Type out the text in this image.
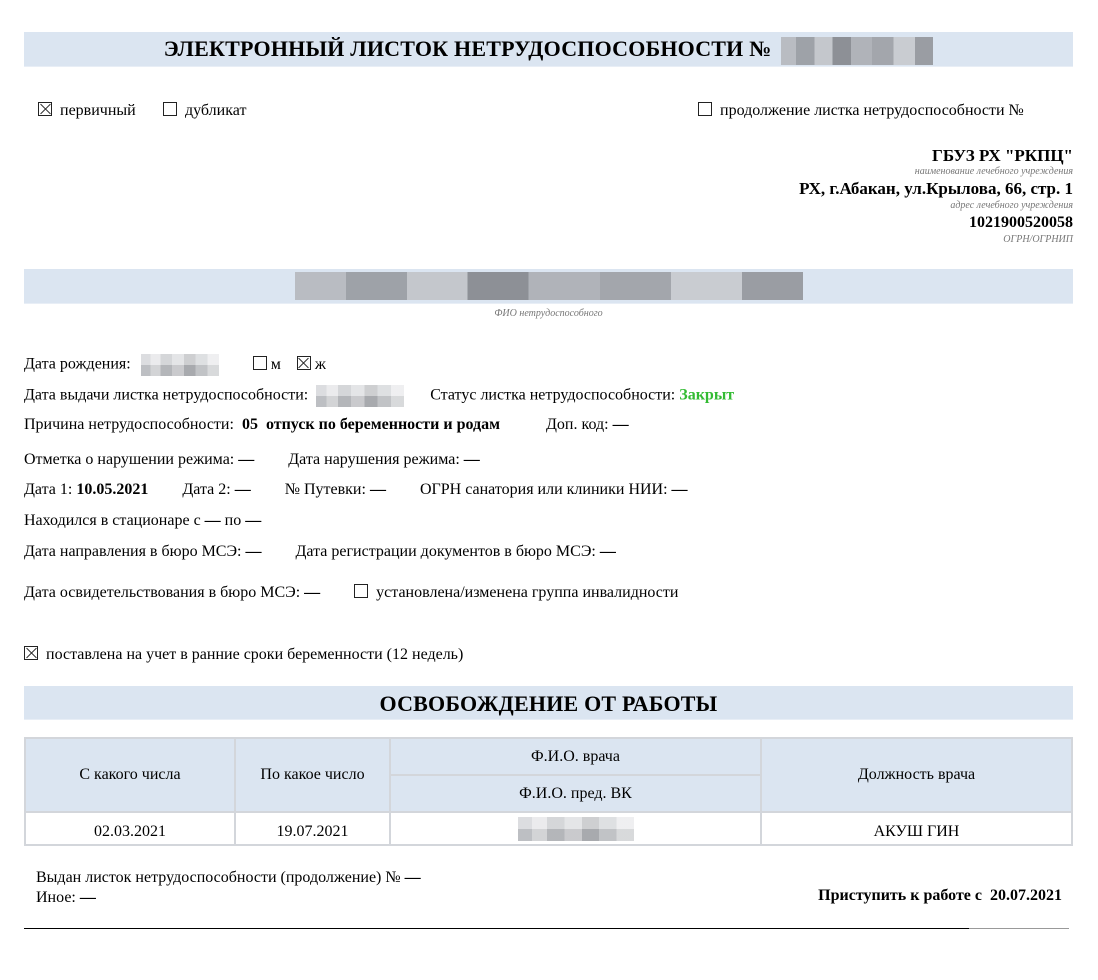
ЭЛЕКТРОННЫЙ ЛИСТОК НЕТРУДОСПОСОБНОСТИ №
первичный	дубликат	продолжение листка нетрудоспособности №
ГБУЗ РХ "РКПЦ"
наименование лечебного учреждения
РХ, г.Абакан, ул.Крылова, 66, стр. 1
адрес лечебного учреждения
1021900520058
ОГРН/ОГРНИП
ФИО нетрудоспособного
Дата рождения:	м ж
Дата выдачи листка нетрудоспособности:	Статус листка нетрудоспособности: Закрыт
Причина нетрудоспособности: 05  отпуск по беременности и родам	Доп. код: —
Отметка о нарушении режима: — Дата нарушения режима: —
Дата 1: 10.05.2021 Дата 2: — № Путевки: — ОГРН санатория или клиники НИИ: —
Находился в стационаре с — по —
Дата направления в бюро МСЭ: — Дата регистрации документов в бюро МСЭ: —
Дата освидетельствования в бюро МСЭ: —	установлена/изменена группа инвалидности
поставлена на учет в ранние сроки беременности (12 недель)
ОСВОБОЖДЕНИЕ ОТ РАБОТЫ
С какого числа	По какое число	Ф.И.О. врача	Должность врача
		Ф.И.О. пред. ВК	
02.03.2021	19.07.2021		АКУШ ГИН
Выдан листок нетрудоспособности (продолжение) № —
Иное: —	Приступить к работе с 20.07.2021
